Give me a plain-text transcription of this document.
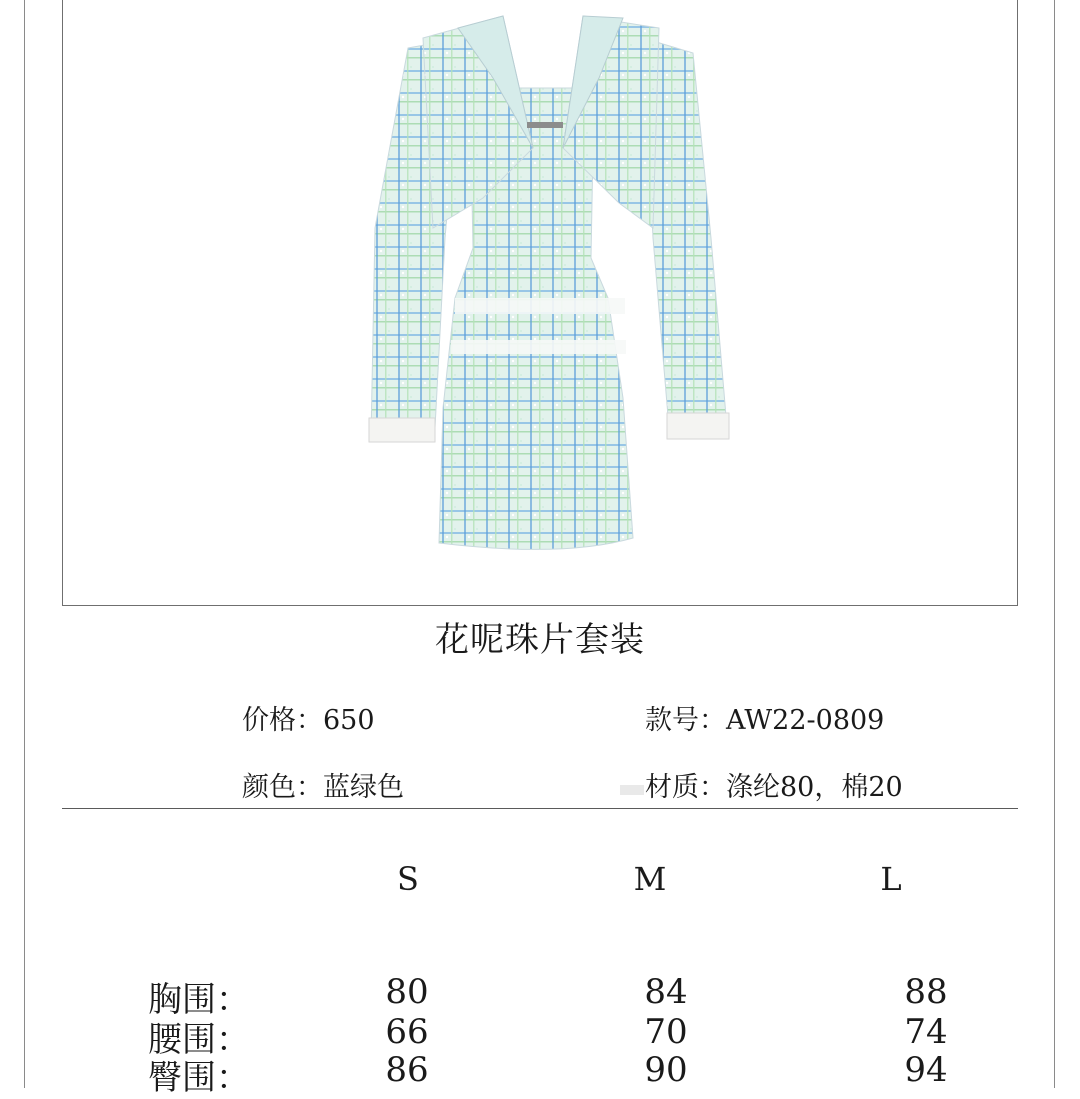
花呢珠片套装
价格：650	款号：AW22-0809
颜色：蓝绿色	材质：涤纶80，棉20
S	M	L
胸围：	80	84	88
腰围：	66	70	74
臀围：	86	90	94
